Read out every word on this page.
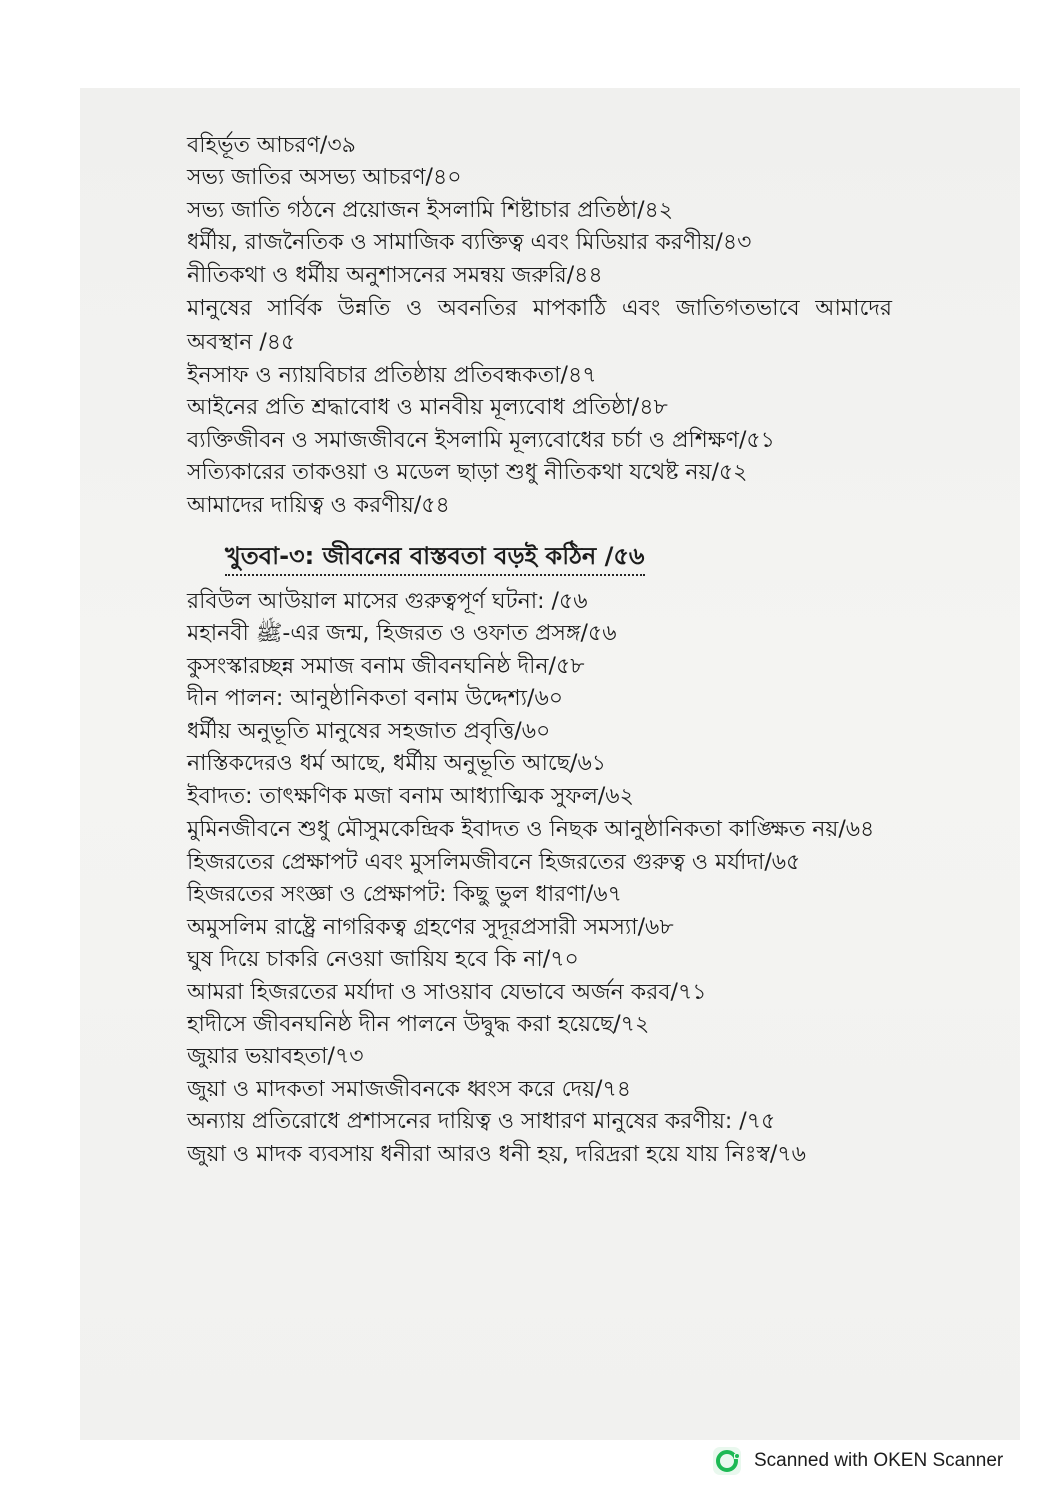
বহির্ভূত আচরণ/৩৯

সভ্য জাতির অসভ্য আচরণ/৪০

সভ্য জাতি গঠনে প্রয়োজন ইসলামি শিষ্টাচার প্রতিষ্ঠা/৪২

ধর্মীয়, রাজনৈতিক ও সামাজিক ব্যক্তিত্ব এবং মিডিয়ার করণীয়/৪৩

নীতিকথা ও ধর্মীয় অনুশাসনের সমন্বয় জরুরি/৪৪

মানুষের সার্বিক উন্নতি ও অবনতির মাপকাঠি এবং জাতিগতভাবে আমাদের অবস্থান /৪৫

ইনসাফ ও ন্যায়বিচার প্রতিষ্ঠায় প্রতিবন্ধকতা/৪৭

আইনের প্রতি শ্রদ্ধাবোধ ও মানবীয় মূল্যবোধ প্রতিষ্ঠা/৪৮

ব্যক্তিজীবন ও সমাজজীবনে ইসলামি মূল্যবোধের চর্চা ও প্রশিক্ষণ/৫১

সত্যিকারের তাকওয়া ও মডেল ছাড়া শুধু নীতিকথা যথেষ্ট নয়/৫২

আমাদের দায়িত্ব ও করণীয়/৫৪

খুতবা-৩: জীবনের বাস্তবতা বড়ই কঠিন /৫৬

রবিউল আউয়াল মাসের গুরুত্বপূর্ণ ঘটনা: /৫৬

মহানবী ﷺ-এর জন্ম, হিজরত ও ওফাত প্রসঙ্গ/৫৬

কুসংস্কারচ্ছন্ন সমাজ বনাম জীবনঘনিষ্ঠ দীন/৫৮

দীন পালন: আনুষ্ঠানিকতা বনাম উদ্দেশ্য/৬০

ধর্মীয় অনুভূতি মানুষের সহজাত প্রবৃত্তি/৬০

নাস্তিকদেরও ধর্ম আছে, ধর্মীয় অনুভূতি আছে/৬১

ইবাদত: তাৎক্ষণিক মজা বনাম আধ্যাত্মিক সুফল/৬২

মুমিনজীবনে শুধু মৌসুমকেন্দ্রিক ইবাদত ও নিছক আনুষ্ঠানিকতা কাঙ্ক্ষিত নয়/৬৪

হিজরতের প্রেক্ষাপট এবং মুসলিমজীবনে হিজরতের গুরুত্ব ও মর্যাদা/৬৫

হিজরতের সংজ্ঞা ও প্রেক্ষাপট: কিছু ভুল ধারণা/৬৭

অমুসলিম রাষ্ট্রে নাগরিকত্ব গ্রহণের সুদূরপ্রসারী সমস্যা/৬৮

ঘুষ দিয়ে চাকরি নেওয়া জায়িয হবে কি না/৭০

আমরা হিজরতের মর্যাদা ও সাওয়াব যেভাবে অর্জন করব/৭১

হাদীসে জীবনঘনিষ্ঠ দীন পালনে উদ্বুদ্ধ করা হয়েছে/৭২

জুয়ার ভয়াবহতা/৭৩

জুয়া ও মাদকতা সমাজজীবনকে ধ্বংস করে দেয়/৭৪

অন্যায় প্রতিরোধে প্রশাসনের দায়িত্ব ও সাধারণ মানুষের করণীয়: /৭৫

জুয়া ও মাদক ব্যবসায় ধনীরা আরও ধনী হয়, দরিদ্ররা হয়ে যায় নিঃস্ব/৭৬

Scanned with OKEN Scanner
